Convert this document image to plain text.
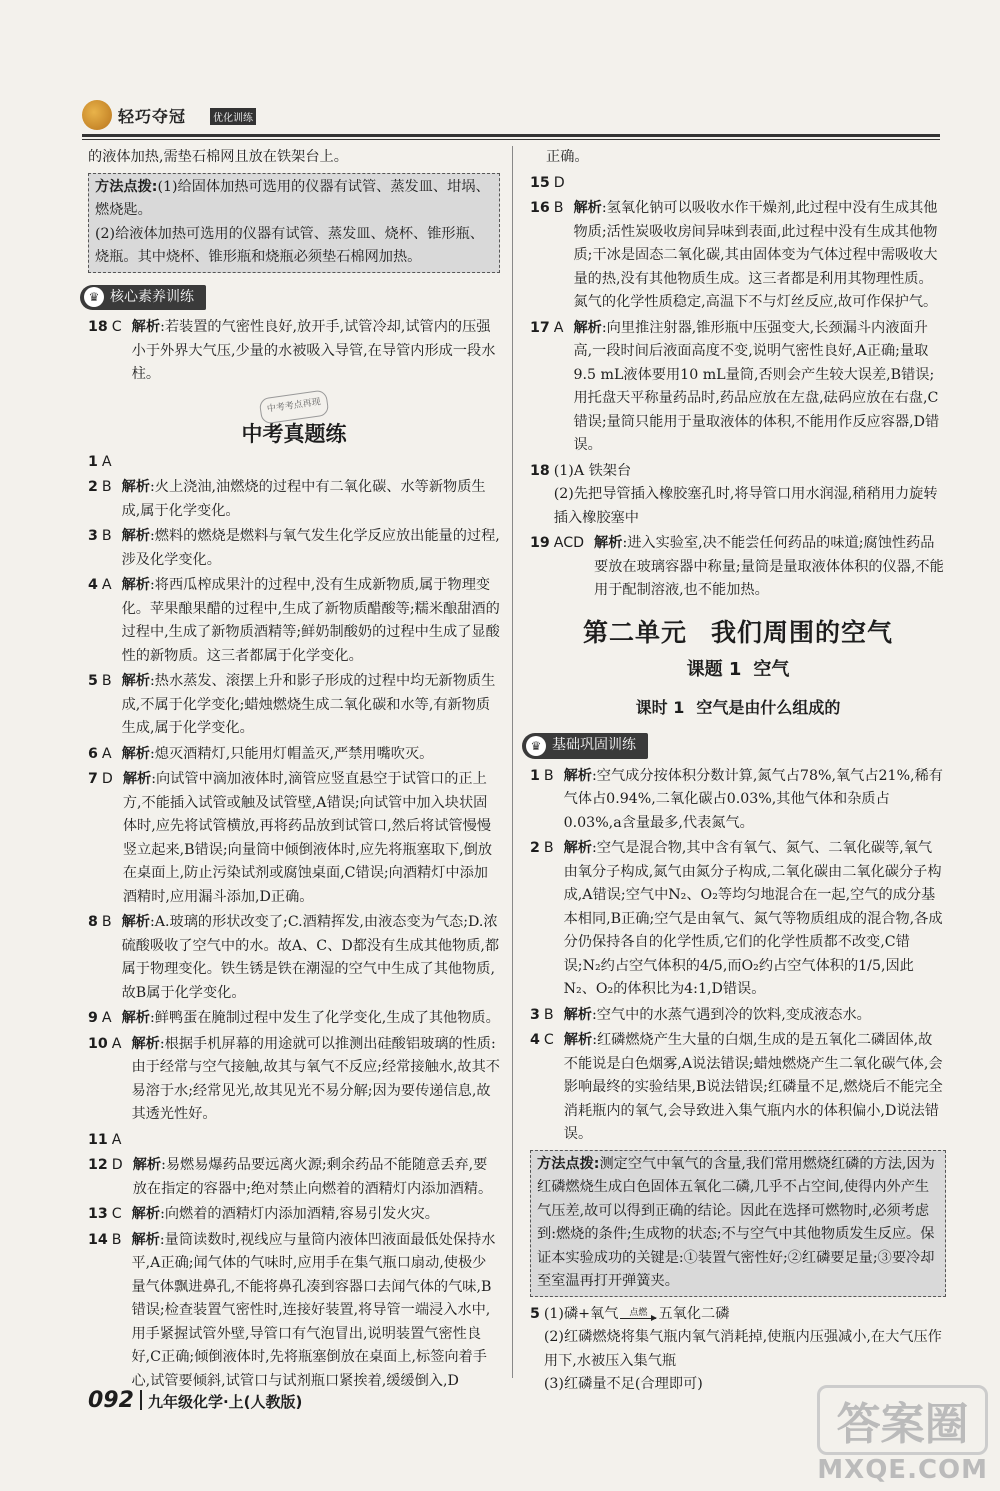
轻巧夺冠	优化训练

的液体加热,需垫石棉网且放在铁架台上。

方法点拨:(1)给固体加热可选用的仪器有试管、蒸发皿、坩埚、燃烧匙。
(2)给液体加热可选用的仪器有试管、蒸发皿、烧杯、锥形瓶、烧瓶。其中烧杯、锥形瓶和烧瓶必须垫石棉网加热。
♛ 核心素养训练
18 C 解析:若装置的气密性良好,放开手,试管冷却,试管内的压强小于外界大气压,少量的水被吸入导管,在导管内形成一段水柱。
中考考点再现
中考真题练
1 A
2 B 解析:火上浇油,油燃烧的过程中有二氧化碳、水等新物质生成,属于化学变化。
3 B 解析:燃料的燃烧是燃料与氧气发生化学反应放出能量的过程,涉及化学变化。
4 A 解析:将西瓜榨成果汁的过程中,没有生成新物质,属于物理变化。苹果酿果醋的过程中,生成了新物质醋酸等;糯米酿甜酒的过程中,生成了新物质酒精等;鲜奶制酸奶的过程中生成了显酸性的新物质。这三者都属于化学变化。
5 B 解析:热水蒸发、滚摆上升和影子形成的过程中均无新物质生成,不属于化学变化;蜡烛燃烧生成二氧化碳和水等,有新物质生成,属于化学变化。
6 A 解析:熄灭酒精灯,只能用灯帽盖灭,严禁用嘴吹灭。
7 D 解析:向试管中滴加液体时,滴管应竖直悬空于试管口的正上方,不能插入试管或触及试管壁,A错误;向试管中加入块状固体时,应先将试管横放,再将药品放到试管口,然后将试管慢慢竖立起来,B错误;向量筒中倾倒液体时,应先将瓶塞取下,倒放在桌面上,防止污染试剂或腐蚀桌面,C错误;向酒精灯中添加酒精时,应用漏斗添加,D正确。
8 B 解析:A.玻璃的形状改变了;C.酒精挥发,由液态变为气态;D.浓硫酸吸收了空气中的水。故A、C、D都没有生成其他物质,都属于物理变化。铁生锈是铁在潮湿的空气中生成了其他物质,故B属于化学变化。
9 A 解析:鲜鸭蛋在腌制过程中发生了化学变化,生成了其他物质。
10 A 解析:根据手机屏幕的用途就可以推测出硅酸铝玻璃的性质:由于经常与空气接触,故其与氧气不反应;经常接触水,故其不易溶于水;经常见光,故其见光不易分解;因为要传递信息,故其透光性好。
11 A
12 D 解析:易燃易爆药品要远离火源;剩余药品不能随意丢弃,要放在指定的容器中;绝对禁止向燃着的酒精灯内添加酒精。
13 C 解析:向燃着的酒精灯内添加酒精,容易引发火灾。
14 B 解析:量筒读数时,视线应与量筒内液体凹液面最低处保持水平,A正确;闻气体的气味时,应用手在集气瓶口扇动,使极少量气体飘进鼻孔,不能将鼻孔凑到容器口去闻气体的气味,B错误;检查装置气密性时,连接好装置,将导管一端浸入水中,用手紧握试管外壁,导管口有气泡冒出,说明装置气密性良好,C正确;倾倒液体时,先将瓶塞倒放在桌面上,标签向着手心,试管要倾斜,试管口与试剂瓶口紧挨着,缓缓倒入,D

正确。

15 D
16 B 解析:氢氧化钠可以吸收水作干燥剂,此过程中没有生成其他物质;活性炭吸收房间异味到表面,此过程中没有生成其他物质;干冰是固态二氧化碳,其由固体变为气体过程中需吸收大量的热,没有其他物质生成。这三者都是利用其物理性质。氮气的化学性质稳定,高温下不与灯丝反应,故可作保护气。
17 A 解析:向里推注射器,锥形瓶中压强变大,长颈漏斗内液面升高,一段时间后液面高度不变,说明气密性良好,A正确;量取9.5 mL液体要用10 mL量筒,否则会产生较大误差,B错误;用托盘天平称量药品时,药品应放在左盘,砝码应放在右盘,C错误;量筒只能用于量取液体的体积,不能用作反应容器,D错误。
18 (1)A 铁架台
(2)先把导管插入橡胶塞孔时,将导管口用水润湿,稍稍用力旋转插入橡胶塞中
19 ACD 解析:进入实验室,决不能尝任何药品的味道;腐蚀性药品要放在玻璃容器中称量;量筒是量取液体体积的仪器,不能用于配制溶液,也不能加热。
第二单元 我们周围的空气
课题 1 空气
课时 1 空气是由什么组成的
♛ 基础巩固训练
1 B 解析:空气成分按体积分数计算,氮气占78%,氧气占21%,稀有气体占0.94%,二氧化碳占0.03%,其他气体和杂质占0.03%,a含量最多,代表氮气。
2 B 解析:空气是混合物,其中含有氧气、氮气、二氧化碳等,氧气由氧分子构成,氮气由氮分子构成,二氧化碳由二氧化碳分子构成,A错误;空气中N₂、O₂等均匀地混合在一起,空气的成分基本相同,B正确;空气是由氧气、氮气等物质组成的混合物,各成分仍保持各自的化学性质,它们的化学性质都不改变,C错误;N₂约占空气体积的4/5,而O₂约占空气体积的1/5,因此N₂、O₂的体积比为4:1,D错误。
3 B 解析:空气中的水蒸气遇到冷的饮料,变成液态水。
4 C 解析:红磷燃烧产生大量的白烟,生成的是五氧化二磷固体,故不能说是白色烟雾,A说法错误;蜡烛燃烧产生二氧化碳气体,会影响最终的实验结果,B说法错误;红磷量不足,燃烧后不能完全消耗瓶内的氧气,会导致进入集气瓶内水的体积偏小,D说法错误。
方法点拨:测定空气中氧气的含量,我们常用燃烧红磷的方法,因为红磷燃烧生成白色固体五氧化二磷,几乎不占空间,使得内外产生气压差,故可以得到正确的结论。因此在选择可燃物时,必须考虑到:燃烧的条件;生成物的状态;不与空气中其他物质发生反应。保证本实验成功的关键是:①装置气密性好;②红磷要足量;③要冷却至室温再打开弹簧夹。
5 (1)磷+氧气	点燃 五氧化二磷
(2)红磷燃烧将集气瓶内氧气消耗掉,使瓶内压强减小,在大气压作用下,水被压入集气瓶
(3)红磷量不足(合理即可)
092 九年级化学·上(人教版)	答案圈
MXQE.COM
